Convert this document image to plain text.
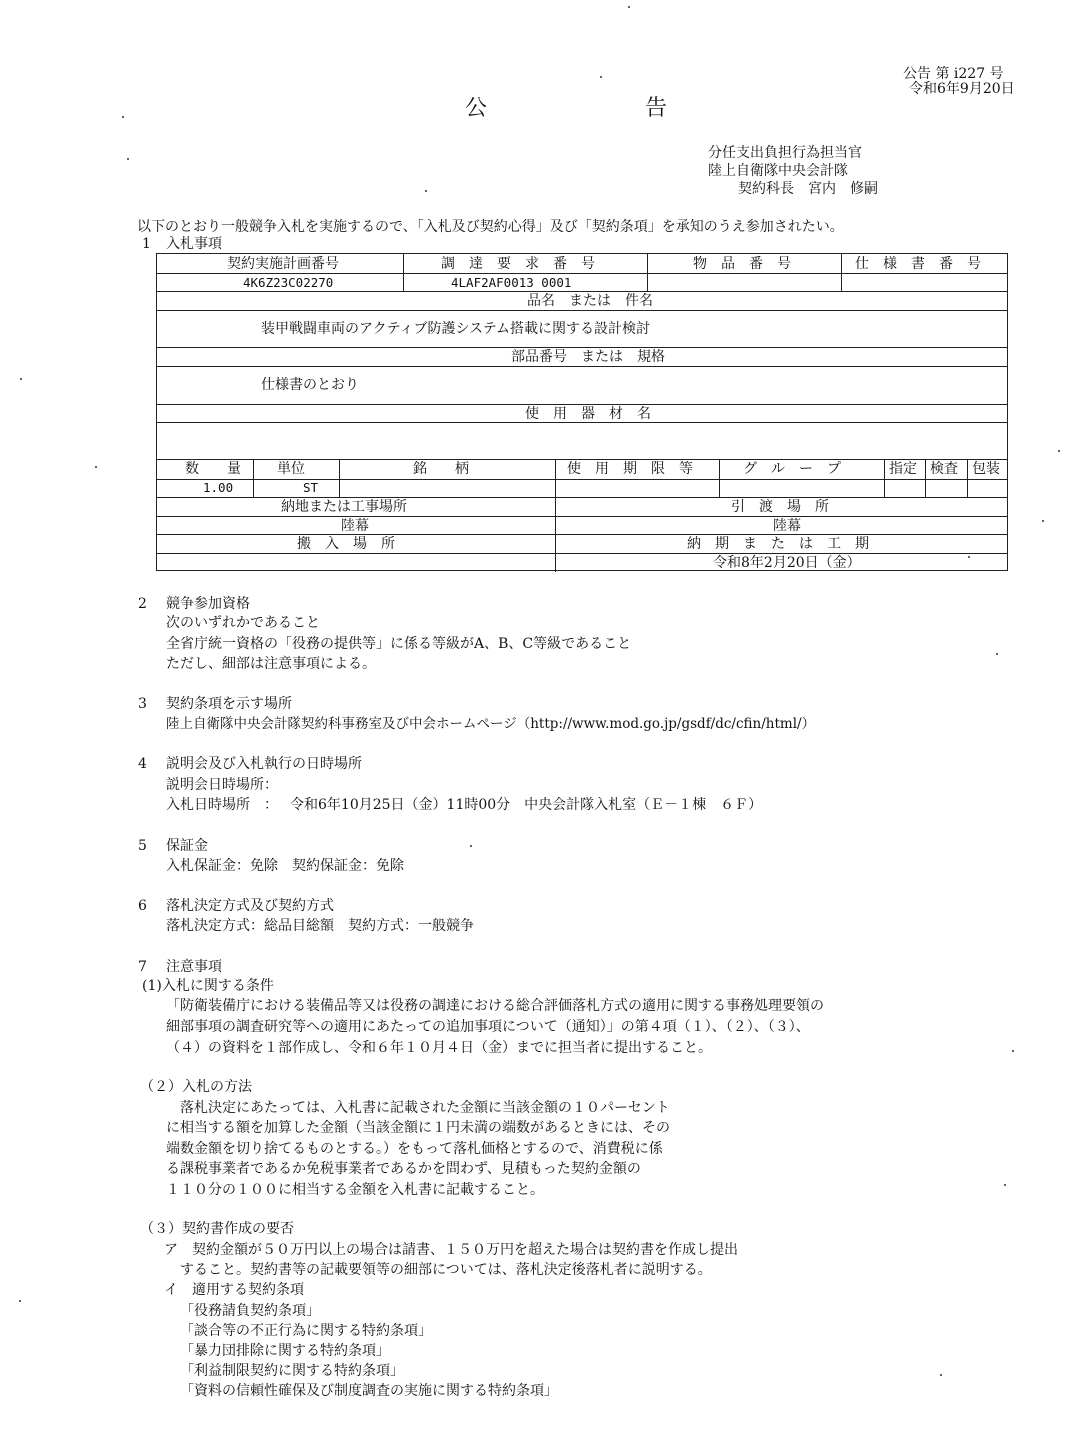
公告 第 i227 号
令和6年9月20日
公告
分任支出負担行為担当官
陸上自衛隊中央会計隊
契約科長　宮内　修嗣
以下のとおり一般競争入札を実施するので、「入札及び契約心得」及び「契約条項」を承知のうえ参加されたい。
1 入札事項
契約実施計画番号	調　達　要　求　番　号	物　品　番　号	仕　様　書　番　号
4K6Z23C02270	4LAF2AF0013 0001
品名　または　件名
装甲戦闘車両のアクティブ防護システム搭載に関する設計検討
部品番号　または　規格
仕様書のとおり
使　用　器　材　名
数　　量	単位	銘　　柄	使　用　期　限　等	グ　ル　ー　プ	指定 検査 包装
1.00	ST
納地または工事場所	引　渡　場　所
陸幕	陸幕
搬　入　場　所	納　期　ま　た　は　工　期
令和8年2月20日（金）
2 競争参加資格
次のいずれかであること
全省庁統一資格の「役務の提供等」に係る等級がA、B、C等級であること
ただし、細部は注意事項による。
3 契約条項を示す場所
陸上自衛隊中央会計隊契約科事務室及び中会ホームページ（http://www.mod.go.jp/gsdf/dc/cfin/html/）
4 説明会及び入札執行の日時場所
説明会日時場所：
入札日時場所　： 令和6年10月25日（金）11時00分　中央会計隊入札室（Ｅ－１棟　６Ｆ）
5 保証金
入札保証金：免除　契約保証金：免除
6 落札決定方式及び契約方式
落札決定方式：総品目総額　契約方式：一般競争
7 注意事項
(1)入札に関する条件
「防衛装備庁における装備品等又は役務の調達における総合評価落札方式の適用に関する事務処理要領の
細部事項の調査研究等への適用にあたっての追加事項について（通知）」の第４項（１）、（２）、（３）、
（４）の資料を１部作成し、令和６年１０月４日（金）までに担当者に提出すること。
（２）入札の方法
落札決定にあたっては、入札書に記載された金額に当該金額の１０パーセント
に相当する額を加算した金額（当該金額に１円未満の端数があるときには、その
端数金額を切り捨てるものとする。）をもって落札価格とするので、消費税に係
る課税事業者であるか免税事業者であるかを問わず、見積もった契約金額の
１１０分の１００に相当する金額を入札書に記載すること。
（３）契約書作成の要否
ア　契約金額が５０万円以上の場合は請書、１５０万円を超えた場合は契約書を作成し提出
すること。契約書等の記載要領等の細部については、落札決定後落札者に説明する。
イ　適用する契約条項
「役務請負契約条項」
「談合等の不正行為に関する特約条項」
「暴力団排除に関する特約条項」
「利益制限契約に関する特約条項」
「資料の信頼性確保及び制度調査の実施に関する特約条項」
